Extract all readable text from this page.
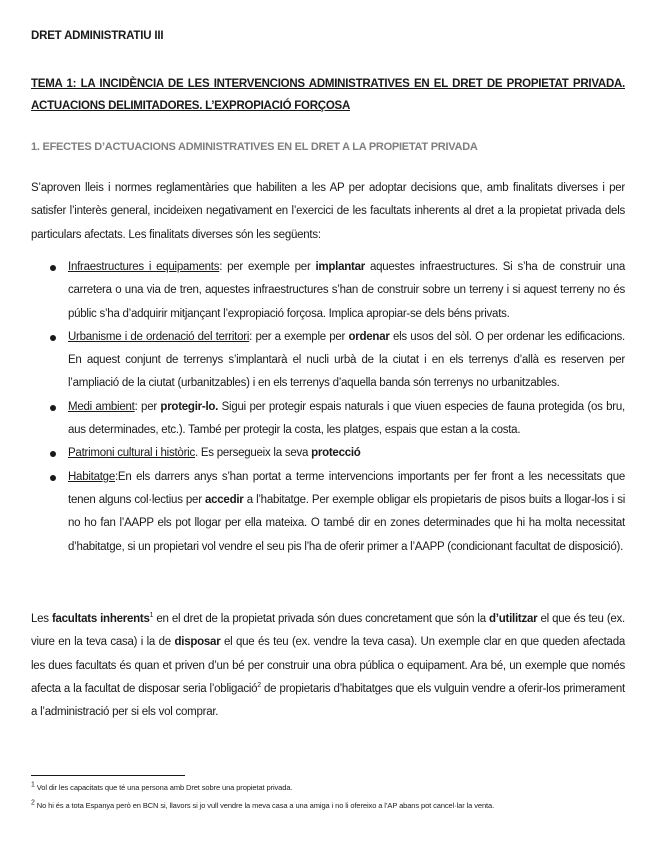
DRET ADMINISTRATIU III
TEMA 1: LA INCIDÈNCIA DE LES INTERVENCIONS ADMINISTRATIVES EN EL DRET DE PROPIETAT PRIVADA.
ACTUACIONS DELIMITADORES. L’EXPROPIACIÓ FORÇOSA
1. EFECTES D’ACTUACIONS ADMINISTRATIVES EN EL DRET A LA PROPIETAT PRIVADA
S’aproven lleis i normes reglamentàries que habiliten a les AP per adoptar decisions que, amb finalitats diverses i per satisfer l’interès general, incideixen negativament en l’exercici de les facultats inherents al dret a la propietat privada dels particulars afectats. Les finalitats diverses són les següents:
Infraestructures i equipaments: per exemple per implantar aquestes infraestructures. Si s’ha de construir una carretera o una via de tren, aquestes infraestructures s’han de construir sobre un terreny i si aquest terreny no és públic s’ha d’adquirir mitjançant l’expropiació forçosa. Implica apropiar-se dels béns privats.
Urbanisme i de ordenació del territori: per a exemple per ordenar els usos del sòl. O per ordenar les edificacions. En aquest conjunt de terrenys s’implantarà el nucli urbà de la ciutat i en els terrenys d’allà es reserven per l’ampliació de la ciutat (urbanitzables) i en els terrenys d’aquella banda són terrenys no urbanitzables.
Medi ambient: per protegir-lo. Sigui per protegir espais naturals i que viuen especies de fauna protegida (os bru, aus determinades, etc.). També per protegir la costa, les platges, espais que estan a la costa.
Patrimoni cultural i històric. Es persegueix la seva protecció
Habitatge:En els darrers anys s’han portat a terme intervencions importants per fer front a les necessitats que tenen alguns col·lectius per accedir a l’habitatge. Per exemple obligar els propietaris de pisos buits a llogar-los i si no ho fan l’AAPP els pot llogar per ella mateixa. O també dir en zones determinades que hi ha molta necessitat d’habitatge, si un propietari vol vendre el seu pis l’ha de oferir primer a l’AAPP (condicionant facultat de disposició).
Les facultats inherents$^1$ en el dret de la propietat privada són dues concretament que són la d’utilitzar el que és teu (ex. viure en la teva casa) i la de disposar el que és teu (ex. vendre la teva casa). Un exemple clar en que queden afectada les dues facultats és quan et priven d’un bé per construir una obra pública o equipament. Ara bé, un exemple que només afecta a la facultat de disposar seria l’obligació$^2$ de propietaris d’habitatges que els vulguin vendre a oferir-los primerament a l’administració per si els vol comprar.
$^1$ Vol dir les capacitats que té una persona amb Dret sobre una propietat privada.
$^2$ No hi és a tota Espanya però en BCN si, llavors si jo vull vendre la meva casa a una amiga i no li ofereixo a l’AP abans pot cancel·lar la venta.
